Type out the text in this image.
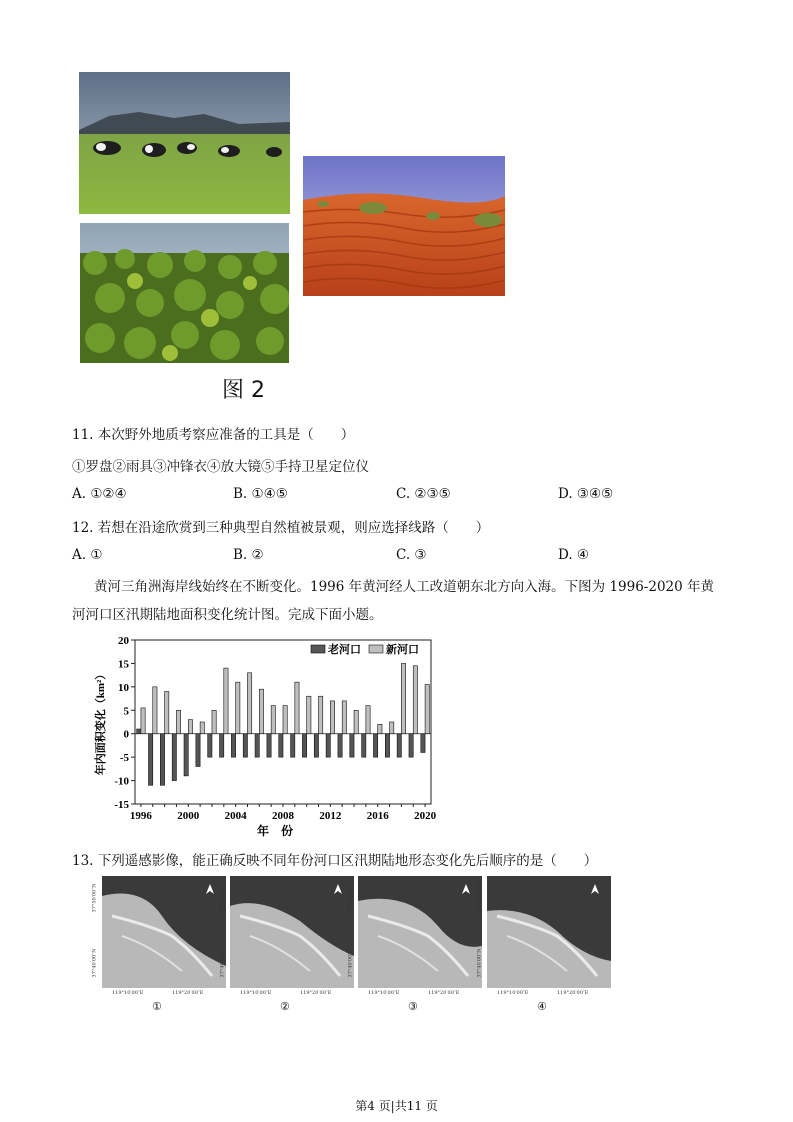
图 2
11. 本次野外地质考察应准备的工具是（　　）
①罗盘②雨具③冲锋衣④放大镜⑤手持卫星定位仪
A. ①②④	B. ①④⑤	C. ②③⑤	D. ③④⑤
12. 若想在沿途欣赏到三种典型自然植被景观，则应选择线路（　　）
A. ①	B. ②	C. ③	D. ④
黄河三角洲海岸线始终在不断变化。1996 年黄河经人工改道朝东北方向入海。下图为 1996-2020 年黄
河河口区汛期陆地面积变化统计图。完成下面小题。
-15
-10
-5
0
5
10
15
20
1996 2000 2004 2008 2012 2016 2020
年　份
年内面积变化（km²）
老河口 新河口
13. 下列遥感影像，能正确反映不同年份河口区汛期陆地形态变化先后顺序的是（　　）
119°10′00″E	119°20′00″E
37°50′00″N
37°40′00″N
①
119°10′00″E	119°20′00″E
37°50′00″N
37°40′00″N
②
119°10′00″E	119°20′00″E
37°50′00″N
37°40′00″N
③
119°10′00″E	119°20′00″E
37°50′00″N
37°40′00″N
④
第4 页|共11 页
